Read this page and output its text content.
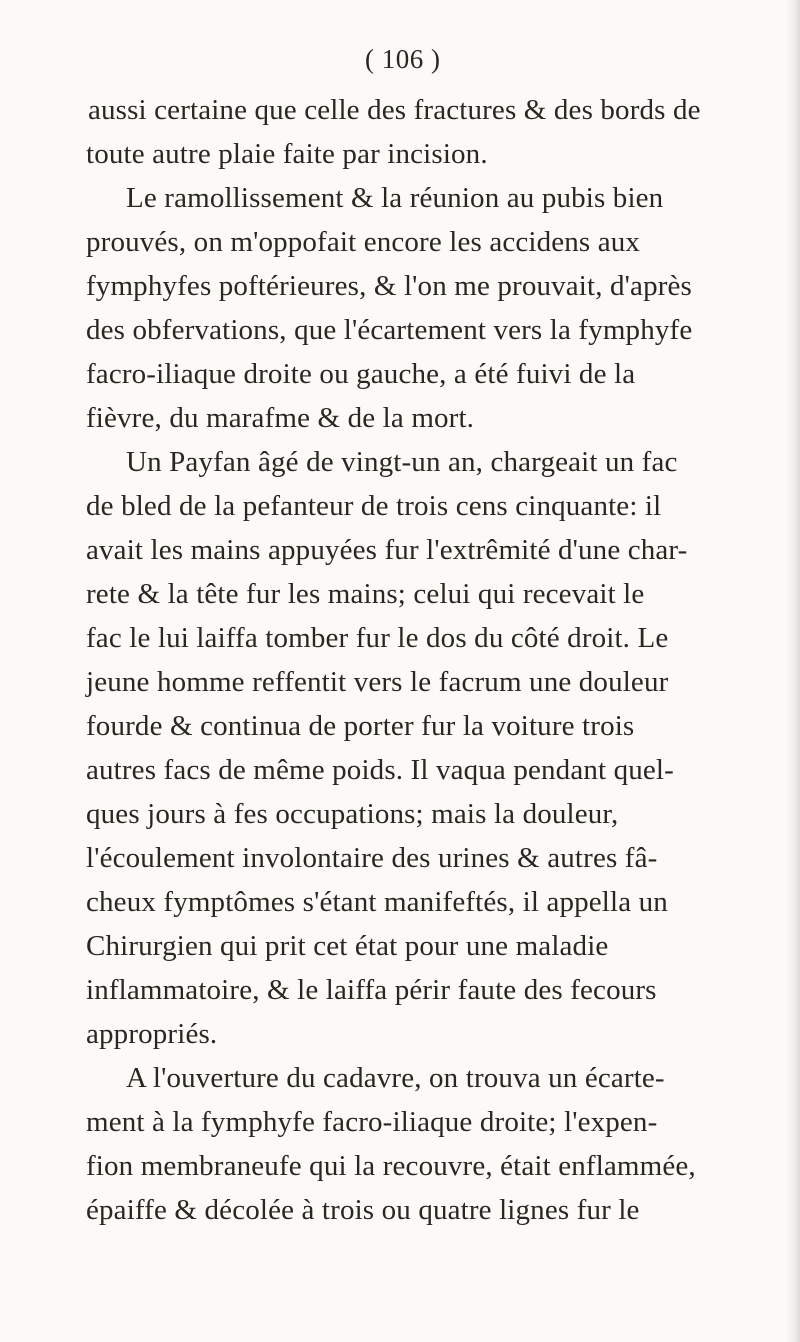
( 106 )
aussi certaine que celle des fractures & des bords de
toute autre plaie faite par incision.
Le ramollissement & la réunion au pubis bien
prouvés, on m'oppofait encore les accidens aux
fymphyfes poftérieures, & l'on me prouvait, d'après
des obfervations, que l'écartement vers la fymphyfe
facro-iliaque droite ou gauche, a été fuivi de la
fièvre, du marafme & de la mort.
Un Payfan âgé de vingt-un an, chargeait un fac
de bled de la pefanteur de trois cens cinquante: il
avait les mains appuyées fur l'extrêmité d'une char-
rete & la tête fur les mains; celui qui recevait le
fac le lui laiffa tomber fur le dos du côté droit. Le
jeune homme reffentit vers le facrum une douleur
fourde & continua de porter fur la voiture trois
autres facs de même poids. Il vaqua pendant quel-
ques jours à fes occupations; mais la douleur,
l'écoulement involontaire des urines & autres fâ-
cheux fymptômes s'étant manifeftés, il appella un
Chirurgien qui prit cet état pour une maladie
inflammatoire, & le laiffa périr faute des fecours
appropriés.
A l'ouverture du cadavre, on trouva un écarte-
ment à la fymphyfe facro-iliaque droite; l'expen-
fion membraneufe qui la recouvre, était enflammée,
épaiffe & décolée à trois ou quatre lignes fur le
